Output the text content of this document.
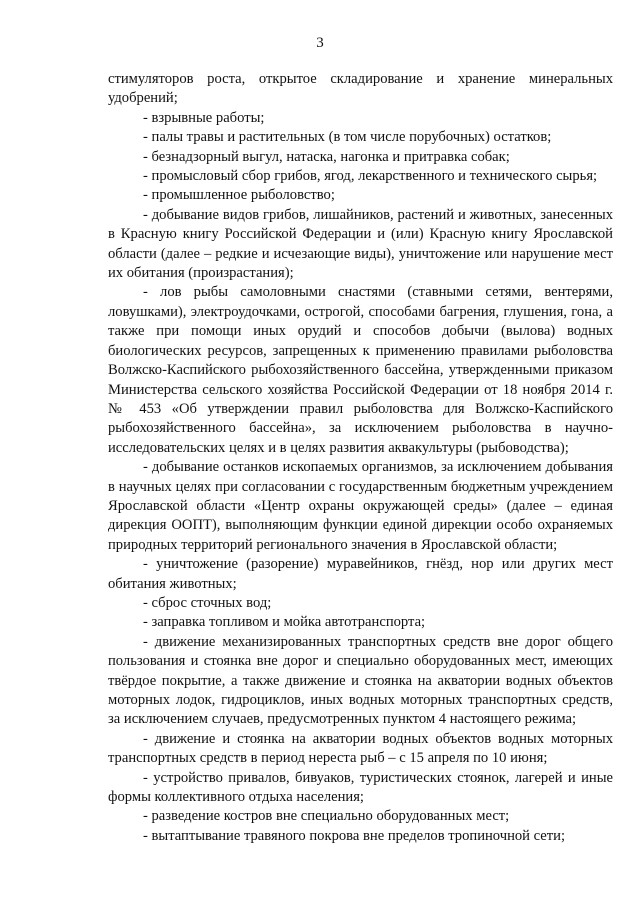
3

стимуляторов роста, открытое складирование и хранение минеральных удобрений;

- взрывные работы;

- палы травы и растительных (в том числе порубочных) остатков;

- безнадзорный выгул, натаска, нагонка и притравка собак;

- промысловый сбор грибов, ягод, лекарственного и технического сырья;

- промышленное рыболовство;

- добывание видов грибов, лишайников, растений и животных, занесенных в Красную книгу Российской Федерации и (или) Красную книгу Ярославской области (далее – редкие и исчезающие виды), уничтожение или нарушение мест их обитания (произрастания);

- лов рыбы самоловными снастями (ставными сетями, вентерями, ловушками), электроудочками, острогой, способами багрения, глушения, гона, а также при помощи иных орудий и способов добычи (вылова) водных биологических ресурсов, запрещенных к применению правилами рыболовства Волжско-Каспийского рыбохозяйственного бассейна, утвержденными приказом Министерства сельского хозяйства Российской Федерации от 18 ноября 2014 г. № 453 «Об утверждении правил рыболовства для Волжско-Каспийского рыбохозяйственного бассейна», за исключением рыболовства в научно-исследовательских целях и в целях развития аквакультуры (рыбоводства);

- добывание останков ископаемых организмов, за исключением добывания в научных целях при согласовании с государственным бюджетным учреждением Ярославской области «Центр охраны окружающей среды» (далее – единая дирекция ООПТ), выполняющим функции единой дирекции особо охраняемых природных территорий регионального значения в Ярославской области;

- уничтожение (разорение) муравейников, гнёзд, нор или других мест обитания животных;

- сброс сточных вод;

- заправка топливом и мойка автотранспорта;

- движение механизированных транспортных средств вне дорог общего пользования и стоянка вне дорог и специально оборудованных мест, имеющих твёрдое покрытие, а также движение и стоянка на акватории водных объектов моторных лодок, гидроциклов, иных водных моторных транспортных средств, за исключением случаев, предусмотренных пунктом 4 настоящего режима;

- движение и стоянка на акватории водных объектов водных моторных транспортных средств в период нереста рыб – с 15 апреля по 10 июня;

- устройство привалов, бивуаков, туристических стоянок, лагерей и иные формы коллективного отдыха населения;

- разведение костров вне специально оборудованных мест;

- вытаптывание травяного покрова вне пределов тропиночной сети;
